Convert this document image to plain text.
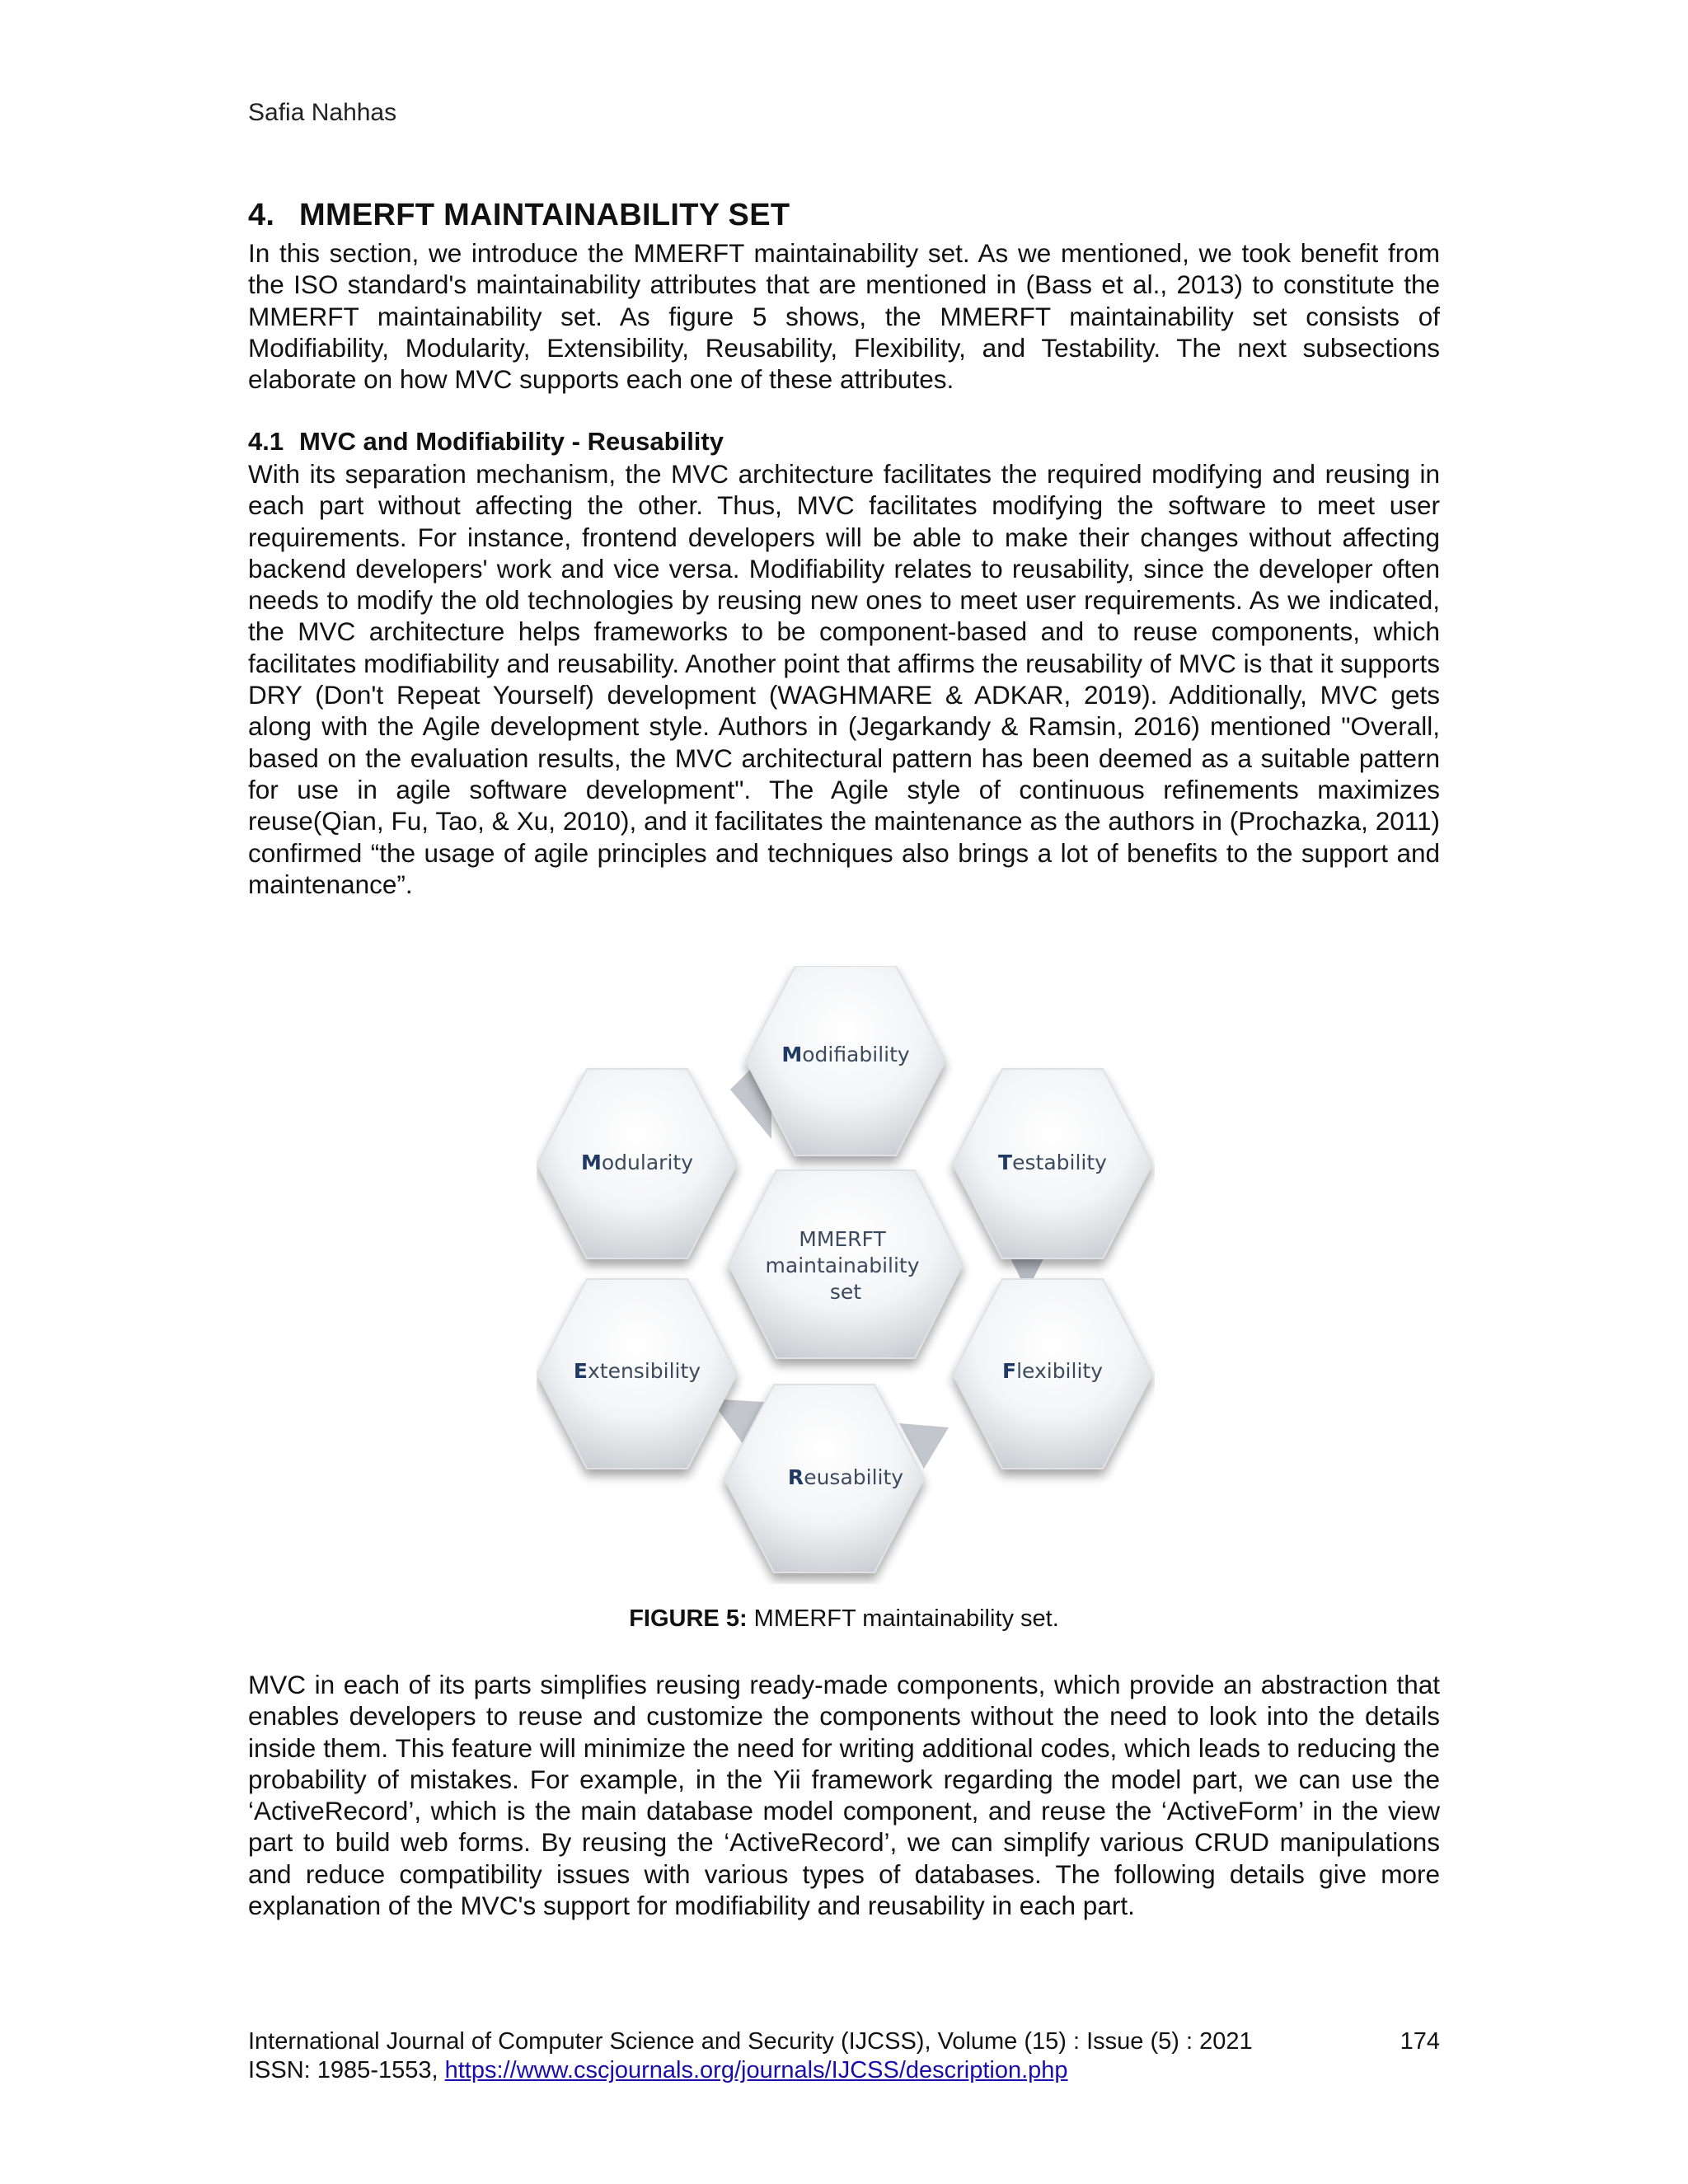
Safia Nahhas
4. MMERFT MAINTAINABILITY SET

In this section, we introduce the MMERFT maintainability set. As we mentioned, we took benefit from the ISO standard's maintainability attributes that are mentioned in (Bass et al., 2013) to constitute the MMERFT maintainability set. As figure 5 shows, the MMERFT maintainability set consists of Modifiability, Modularity, Extensibility, Reusability, Flexibility, and Testability. The next subsections elaborate on how MVC supports each one of these attributes.

4.1 MVC and Modifiability - Reusability

With its separation mechanism, the MVC architecture facilitates the required modifying and reusing in each part without affecting the other. Thus, MVC facilitates modifying the software to meet user requirements. For instance, frontend developers will be able to make their changes without affecting backend developers' work and vice versa. Modifiability relates to reusability, since the developer often needs to modify the old technologies by reusing new ones to meet user requirements. As we indicated, the MVC architecture helps frameworks to be component-based and to reuse components, which facilitates modifiability and reusability. Another point that affirms the reusability of MVC is that it supports DRY (Don't Repeat Yourself) development (WAGHMARE & ADKAR, 2019). Additionally, MVC gets along with the Agile development style. Authors in (Jegarkandy & Ramsin, 2016) mentioned "Overall, based on the evaluation results, the MVC architectural pattern has been deemed as a suitable pattern for use in agile software development". The Agile style of continuous refinements maximizes reuse(Qian, Fu, Tao, & Xu, 2010), and it facilitates the maintenance as the authors in (Prochazka, 2011) confirmed “the usage of agile principles and techniques also brings a lot of benefits to the support and maintenance”.

Modifiability
Modularity	Testability
Extensibility	Flexibility
Reusability
MMERFT maintainability set
FIGURE 5: MMERFT maintainability set.

MVC in each of its parts simplifies reusing ready-made components, which provide an abstraction that enables developers to reuse and customize the components without the need to look into the details inside them. This feature will minimize the need for writing additional codes, which leads to reducing the probability of mistakes. For example, in the Yii framework regarding the model part, we can use the ‘ActiveRecord’, which is the main database model component, and reuse the ‘ActiveForm’ in the view part to build web forms. By reusing the ‘ActiveRecord’, we can simplify various CRUD manipulations and reduce compatibility issues with various types of databases. The following details give more explanation of the MVC's support for modifiability and reusability in each part.

International Journal of Computer Science and Security (IJCSS), Volume (15) : Issue (5) : 2021	174
ISSN: 1985-1553, https://www.cscjournals.org/journals/IJCSS/description.php
